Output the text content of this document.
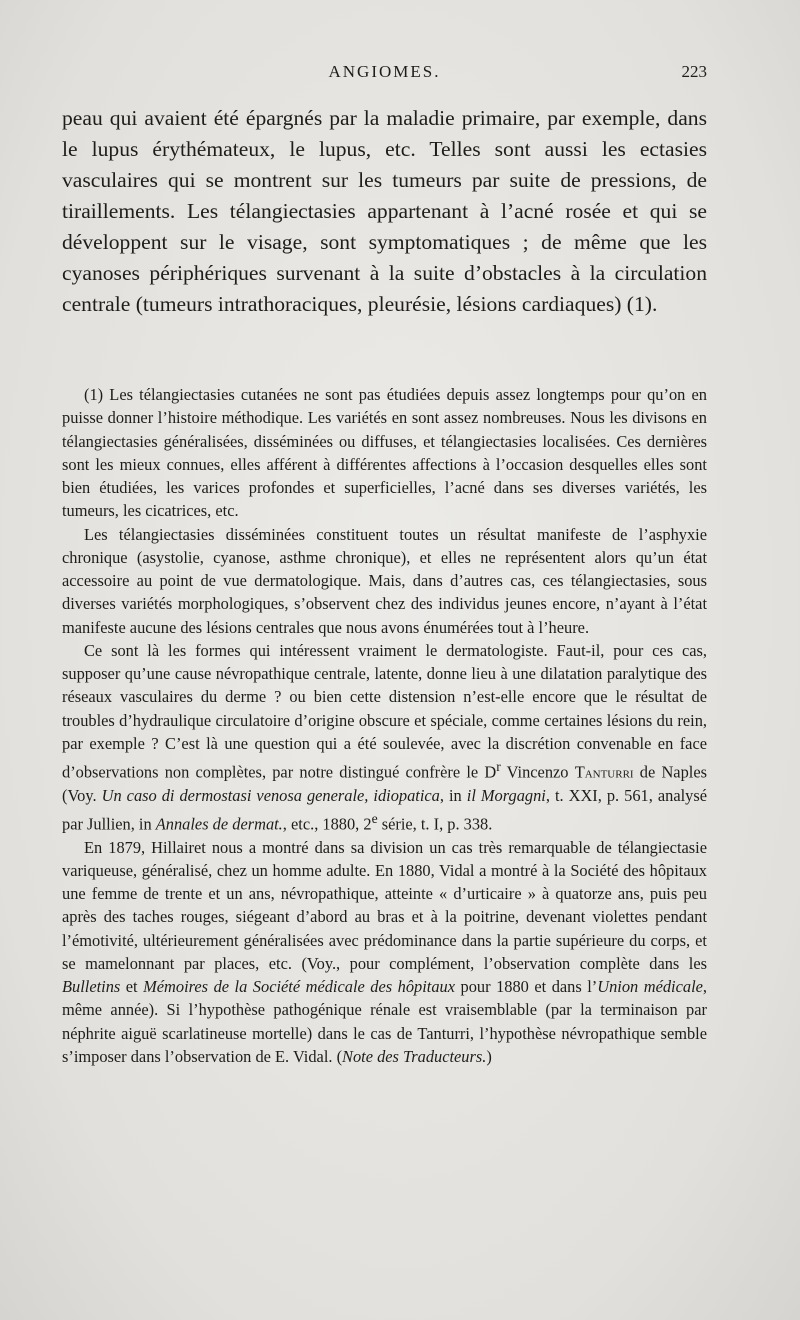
ANGIOMES.	223

peau qui avaient été épargnés par la maladie primaire, par exemple, dans le lupus érythémateux, le lupus, etc. Telles sont aussi les ectasies vasculaires qui se montrent sur les tumeurs par suite de pressions, de tiraillements. Les télangiectasies appartenant à l’acné rosée et qui se développent sur le visage, sont symptomatiques ; de même que les cyanoses périphériques survenant à la suite d’obstacles à la circulation centrale (tumeurs intrathoraciques, pleurésie, lésions cardiaques) (1).

(1) Les télangiectasies cutanées ne sont pas étudiées depuis assez longtemps pour qu’on en puisse donner l’histoire méthodique. Les variétés en sont assez nombreuses. Nous les divisons en télangiectasies généralisées, disséminées ou diffuses, et télangiectasies localisées. Ces dernières sont les mieux connues, elles afférent à différentes affections à l’occasion desquelles elles sont bien étudiées, les varices profondes et superficielles, l’acné dans ses diverses variétés, les tumeurs, les cicatrices, etc.

Les télangiectasies disséminées constituent toutes un résultat manifeste de l’asphyxie chronique (asystolie, cyanose, asthme chronique), et elles ne représentent alors qu’un état accessoire au point de vue dermatologique. Mais, dans d’autres cas, ces télangiectasies, sous diverses variétés morphologiques, s’observent chez des individus jeunes encore, n’ayant à l’état manifeste aucune des lésions centrales que nous avons énumérées tout à l’heure.

Ce sont là les formes qui intéressent vraiment le dermatologiste. Faut-il, pour ces cas, supposer qu’une cause névropathique centrale, latente, donne lieu à une dilatation paralytique des réseaux vasculaires du derme ? ou bien cette distension n’est-elle encore que le résultat de troubles d’hydraulique circulatoire d’origine obscure et spéciale, comme certaines lésions du rein, par exemple ? C’est là une question qui a été soulevée, avec la discrétion convenable en face d’observations non complètes, par notre distingué confrère le $D^r$ Vincenzo Tanturri de Naples (Voy. Un caso di dermostasi venosa generale, idiopatica, in il Morgagni, t. XXI, p. 561, analysé par Jullien, in Annales de dermat., etc., 1880, 2e série, t. I, p. 338.

En 1879, Hillairet nous a montré dans sa division un cas très remarquable de télangiectasie variqueuse, généralisé, chez un homme adulte. En 1880, Vidal a montré à la Société des hôpitaux une femme de trente et un ans, névropathique, atteinte « d’urticaire » à quatorze ans, puis peu après des taches rouges, siégeant d’abord au bras et à la poitrine, devenant violettes pendant l’émotivité, ultérieurement généralisées avec prédominance dans la partie supérieure du corps, et se mamelonnant par places, etc. (Voy., pour complément, l’observation complète dans les Bulletins et Mémoires de la Société médicale des hôpitaux pour 1880 et dans l’Union médicale, même année). Si l’hypothèse pathogénique rénale est vraisemblable (par la terminaison par néphrite aiguë scarlatineuse mortelle) dans le cas de Tanturri, l’hypothèse névropathique semble s’imposer dans l’observation de E. Vidal. (Note des Traducteurs.)
